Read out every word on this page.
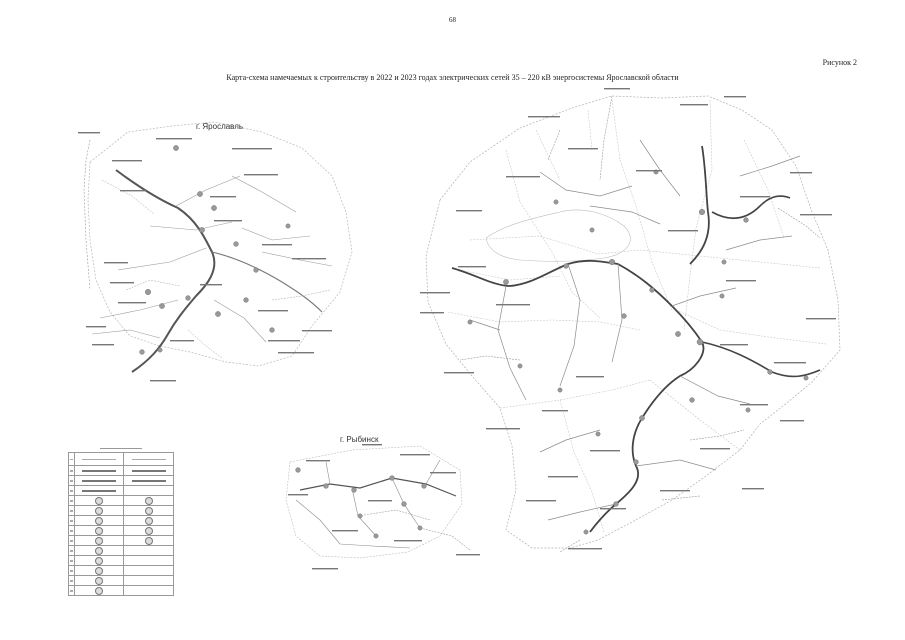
68
Рисунок 2
Карта-схема намечаемых к строительству в 2022 и 2023 годах электрических сетей 35 – 220 кВ энергосистемы Ярославской области
г. Ярославль
г. Рыбинск
